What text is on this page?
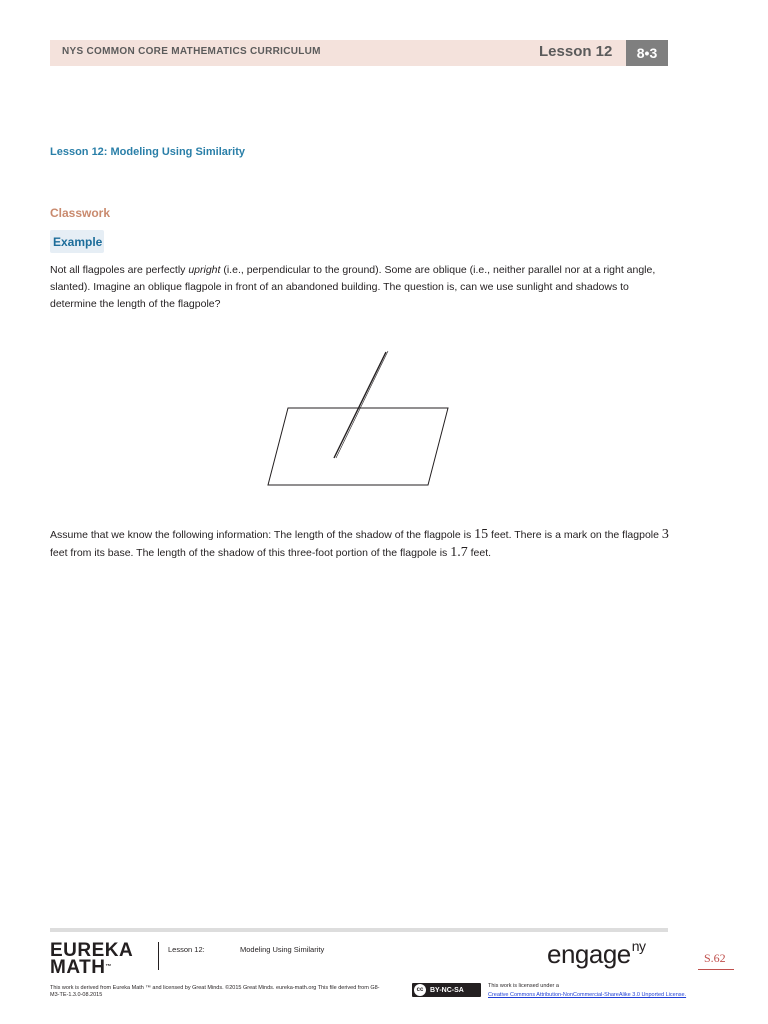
NYS COMMON CORE MATHEMATICS CURRICULUM	Lesson 12	8•3
Lesson 12: Modeling Using Similarity
Classwork
Example
Not all flagpoles are perfectly upright (i.e., perpendicular to the ground). Some are oblique (i.e., neither parallel nor at a right angle, slanted). Imagine an oblique flagpole in front of an abandoned building. The question is, can we use sunlight and shadows to determine the length of the flagpole?
Assume that we know the following information: The length of the shadow of the flagpole is 15 feet. There is a mark on the flagpole 3 feet from its base. The length of the shadow of this three-foot portion of the flagpole is 1.7 feet.
EUREKA
MATH™
Lesson 12:	Modeling Using Similarity	engage$^{ny}$
S.62
This work is derived from Eureka Math ™ and licensed by Great Minds. ©2015 Great Minds. eureka-math.org This file derived from G8-M3-TE-1.3.0-08.2015
cc BY-NC-SA
This work is licensed under a
Creative Commons Attribution-NonCommercial-ShareAlike 3.0 Unported License.
